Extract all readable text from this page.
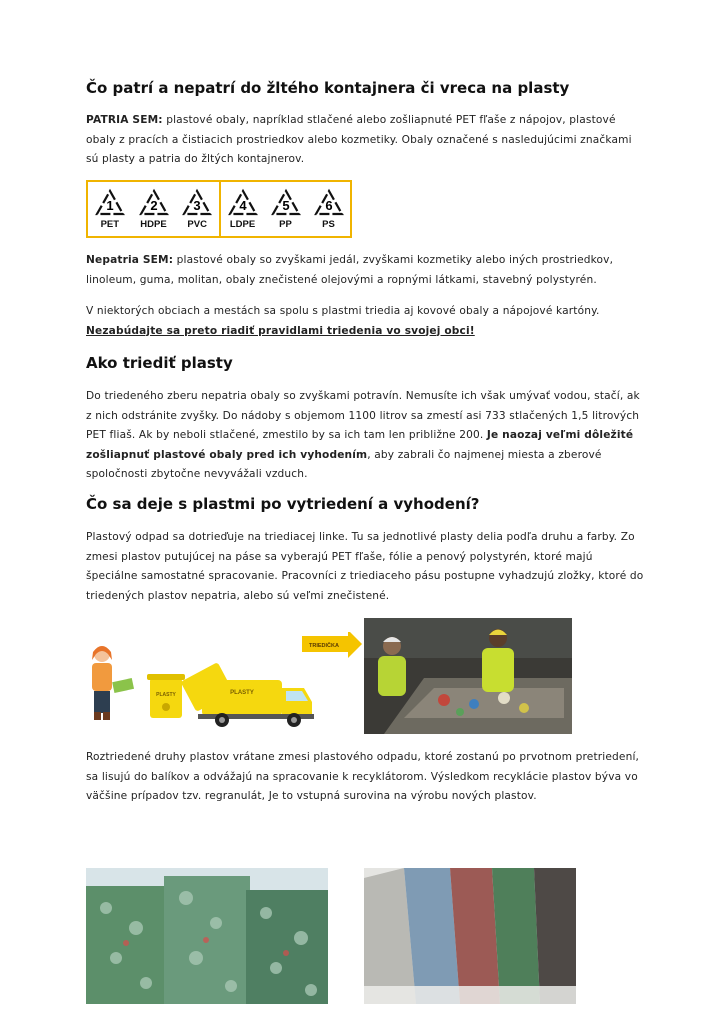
Čo patrí a nepatrí do žltého kontajnera či vreca na plasty

PATRIA SEM: plastové obaly, napríklad stlačené alebo zošliapnuté PET fľaše z nápojov, plastové obaly z pracích a čistiacich prostriedkov alebo kozmetiky. Obaly označené s nasledujúcimi značkami sú plasty a patria do žltých kontajnerov.

1
PET
2
HDPE
3
PVC
4
LDPE
5
PP
6
PS

Nepatria SEM: plastové obaly so zvyškami jedál, zvyškami kozmetiky alebo iných prostriedkov, linoleum, guma, molitan, obaly znečistené olejovými a ropnými látkami, stavebný polystyrén.

V niektorých obciach a mestách sa spolu s plastmi triedia aj kovové obaly a nápojové kartóny.
Nezabúdajte sa preto riadiť pravidlami triedenia vo svojej obci!

Ako triediť plasty

Do triedeného zberu nepatria obaly so zvyškami potravín. Nemusíte ich však umývať vodou, stačí, ak z nich odstránite zvyšky. Do nádoby s objemom 1100 litrov sa zmestí asi 733 stlačených 1,5 litrových PET fliaš. Ak by neboli stlačené, zmestilo by sa ich tam len približne 200. Je naozaj veľmi dôležité zošliapnuť plastové obaly pred ich vyhodením, aby zabrali čo najmenej miesta a zberové spoločnosti zbytočne nevyvážali vzduch.

Čo sa deje s plastmi po vytriedení a vyhodení?

Plastový odpad sa dotrieďuje na triediacej linke. Tu sa jednotlivé plasty delia podľa druhu a farby. Zo zmesi plastov putujúcej na páse sa vyberajú PET fľaše, fólie a penový polystyrén, ktoré majú špeciálne samostatné spracovanie. Pracovníci z triediaceho pásu postupne vyhadzujú zložky, ktoré do triedených plastov nepatria, alebo sú veľmi znečistené.

PLASTY	PLASTY
TRIEDIČKA

Roztriedené druhy plastov vrátane zmesi plastového odpadu, ktoré zostanú po prvotnom pretriedení, sa lisujú do balíkov a odvážajú na spracovanie k recyklátorom. Výsledkom recyklácie plastov býva vo väčšine prípadov tzv. regranulát, Je to vstupná surovina na výrobu nových plastov.
